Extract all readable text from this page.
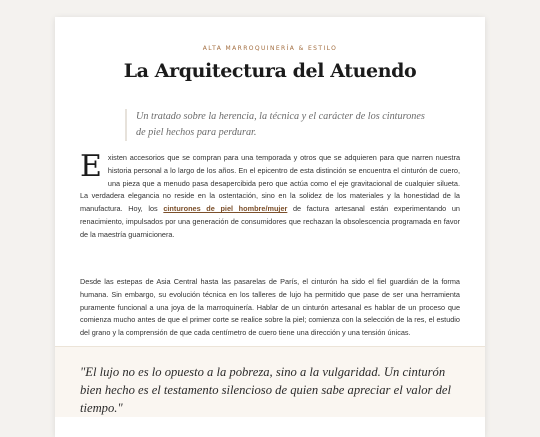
ALTA MARROQUINERÍA & ESTILO
La Arquitectura del Atuendo

Un tratado sobre la herencia, la técnica y el carácter de los cinturones de piel hechos para perdurar.

Existen accesorios que se compran para una temporada y otros que se adquieren para que narren nuestra historia personal a lo largo de los años. En el epicentro de esta distinción se encuentra el cinturón de cuero, una pieza que a menudo pasa desapercibida pero que actúa como el eje gravitacional de cualquier silueta. La verdadera elegancia no reside en la ostentación, sino en la solidez de los materiales y la honestidad de la manufactura. Hoy, los cinturones de piel hombre/mujer de factura artesanal están experimentando un renacimiento, impulsados por una generación de consumidores que rechazan la obsolescencia programada en favor de la maestría guarnicionera.

Desde las estepas de Asia Central hasta las pasarelas de París, el cinturón ha sido el fiel guardián de la forma humana. Sin embargo, su evolución técnica en los talleres de lujo ha permitido que pase de ser una herramienta puramente funcional a una joya de la marroquinería. Hablar de un cinturón artesanal es hablar de un proceso que comienza mucho antes de que el primer corte se realice sobre la piel; comienza con la selección de la res, el estudio del grano y la comprensión de que cada centímetro de cuero tiene una dirección y una tensión únicas.

"El lujo no es lo opuesto a la pobreza, sino a la vulgaridad. Un cinturón bien hecho es el testamento silencioso de quien sabe apreciar el valor del tiempo."
